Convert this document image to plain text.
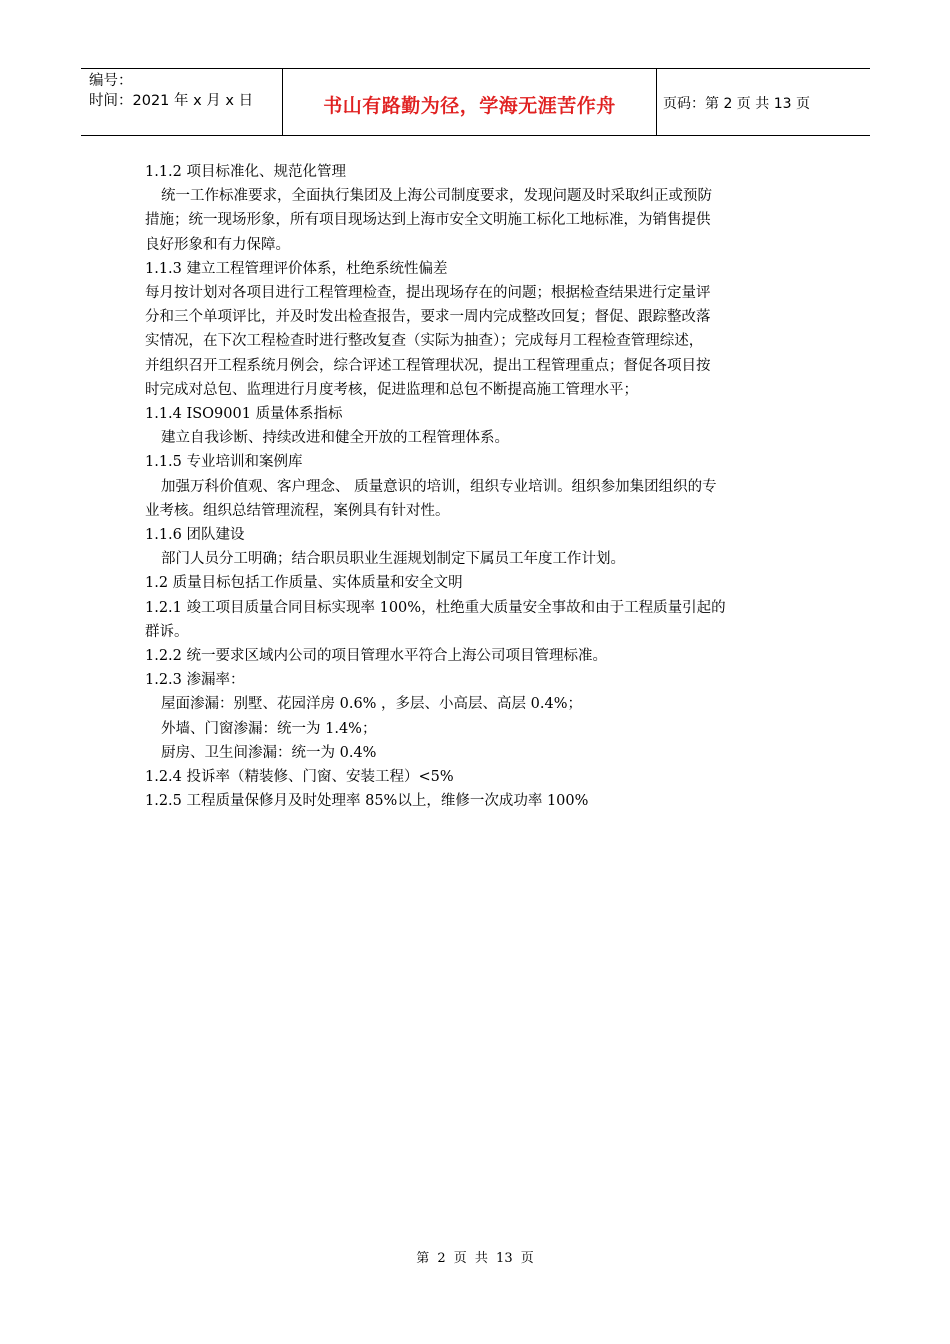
编号：
时间：2021 年 x 月 x 日	书山有路勤为径，学海无涯苦作舟	页码：第 2 页 共 13 页
1.1.2 项目标准化、规范化管理
统一工作标准要求，全面执行集团及上海公司制度要求，发现问题及时采取纠正或预防
措施；统一现场形象，所有项目现场达到上海市安全文明施工标化工地标准，为销售提供
良好形象和有力保障。
1.1.3 建立工程管理评价体系，杜绝系统性偏差
每月按计划对各项目进行工程管理检查，提出现场存在的问题；根据检查结果进行定量评
分和三个单项评比，并及时发出检查报告，要求一周内完成整改回复；督促、跟踪整改落
实情况，在下次工程检查时进行整改复查（实际为抽查）；完成每月工程检查管理综述，
并组织召开工程系统月例会，综合评述工程管理状况，提出工程管理重点；督促各项目按
时完成对总包、监理进行月度考核，促进监理和总包不断提高施工管理水平；
1.1.4 ISO9001 质量体系指标
建立自我诊断、持续改进和健全开放的工程管理体系。
1.1.5 专业培训和案例库
加强万科价值观、客户理念、 质量意识的培训，组织专业培训。组织参加集团组织的专
业考核。组织总结管理流程，案例具有针对性。
1.1.6 团队建设
部门人员分工明确；结合职员职业生涯规划制定下属员工年度工作计划。
1.2 质量目标包括工作质量、实体质量和安全文明
1.2.1 竣工项目质量合同目标实现率 100%，杜绝重大质量安全事故和由于工程质量引起的
群诉。
1.2.2 统一要求区域内公司的项目管理水平符合上海公司项目管理标准。
1.2.3 渗漏率：
屋面渗漏：别墅、花园洋房 0.6% ，多层、小高层、高层 0.4%；
外墙、门窗渗漏：统一为 1.4%；
厨房、卫生间渗漏：统一为 0.4%
1.2.4 投诉率（精装修、门窗、安装工程）<5%
1.2.5 工程质量保修月及时处理率 85%以上，维修一次成功率 100%
第 2 页 共 13 页
